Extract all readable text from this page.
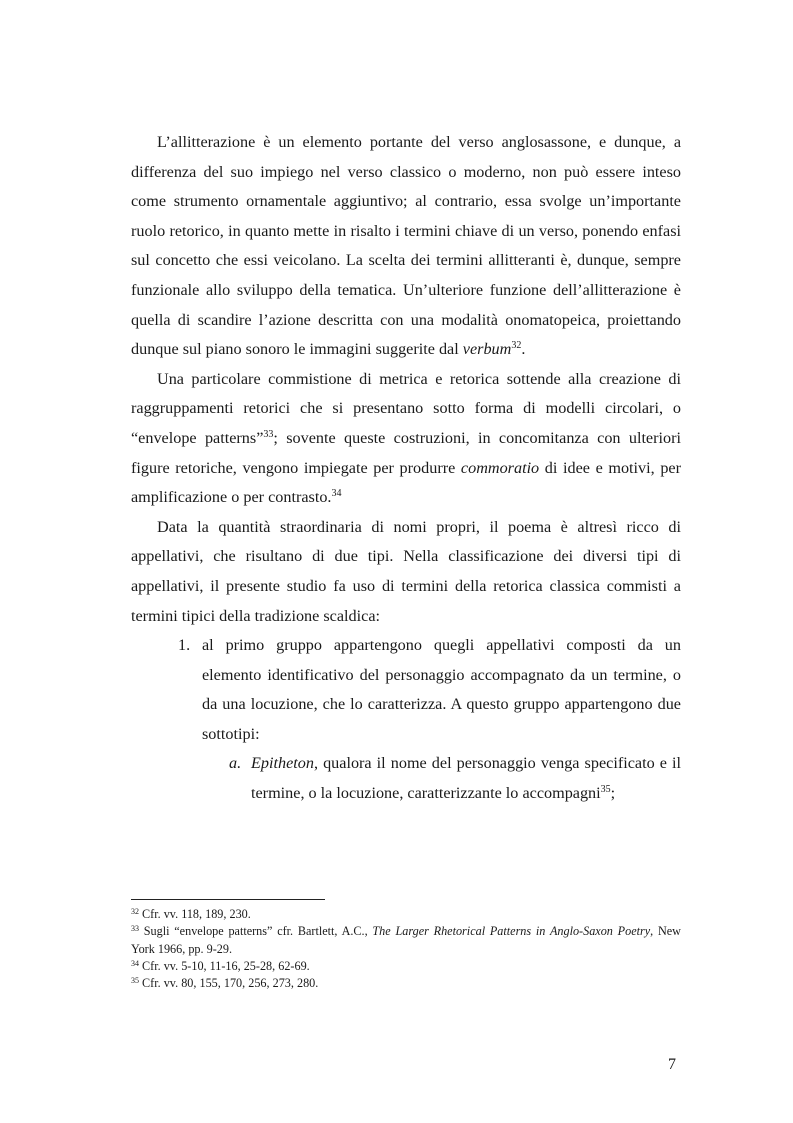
L’allitterazione è un elemento portante del verso anglosassone, e dunque, a differenza del suo impiego nel verso classico o moderno, non può essere inteso come strumento ornamentale aggiuntivo; al contrario, essa svolge un’importante ruolo retorico, in quanto mette in risalto i termini chiave di un verso, ponendo enfasi sul concetto che essi veicolano. La scelta dei termini allitteranti è, dunque, sempre funzionale allo sviluppo della tematica. Un’ulteriore funzione dell’allitterazione è quella di scandire l’azione descritta con una modalità onomatopeica, proiettando dunque sul piano sonoro le immagini suggerite dal verbum$^{32}$.

Una particolare commistione di metrica e retorica sottende alla creazione di raggruppamenti retorici che si presentano sotto forma di modelli circolari, o “envelope patterns”$^{33}$; sovente queste costruzioni, in concomitanza con ulteriori figure retoriche, vengono impiegate per produrre commoratio di idee e motivi, per amplificazione o per contrasto.$^{34}$

Data la quantità straordinaria di nomi propri, il poema è altresì ricco di appellativi, che risultano di due tipi. Nella classificazione dei diversi tipi di appellativi, il presente studio fa uso di termini della retorica classica commisti a termini tipici della tradizione scaldica:

1. al primo gruppo appartengono quegli appellativi composti da un elemento identificativo del personaggio accompagnato da un termine, o da una locuzione, che lo caratterizza. A questo gruppo appartengono due sottotipi:

a. Epitheton, qualora il nome del personaggio venga specificato e il termine, o la locuzione, caratterizzante lo accompagni$^{35}$;

$^{32}$ Cfr. vv. 118, 189, 230.

$^{33}$ Sugli “envelope patterns” cfr. Bartlett, A.C., The Larger Rhetorical Patterns in Anglo-Saxon Poetry, New York 1966, pp. 9-29.

$^{34}$ Cfr. vv. 5-10, 11-16, 25-28, 62-69.

$^{35}$ Cfr. vv. 80, 155, 170, 256, 273, 280.

7
